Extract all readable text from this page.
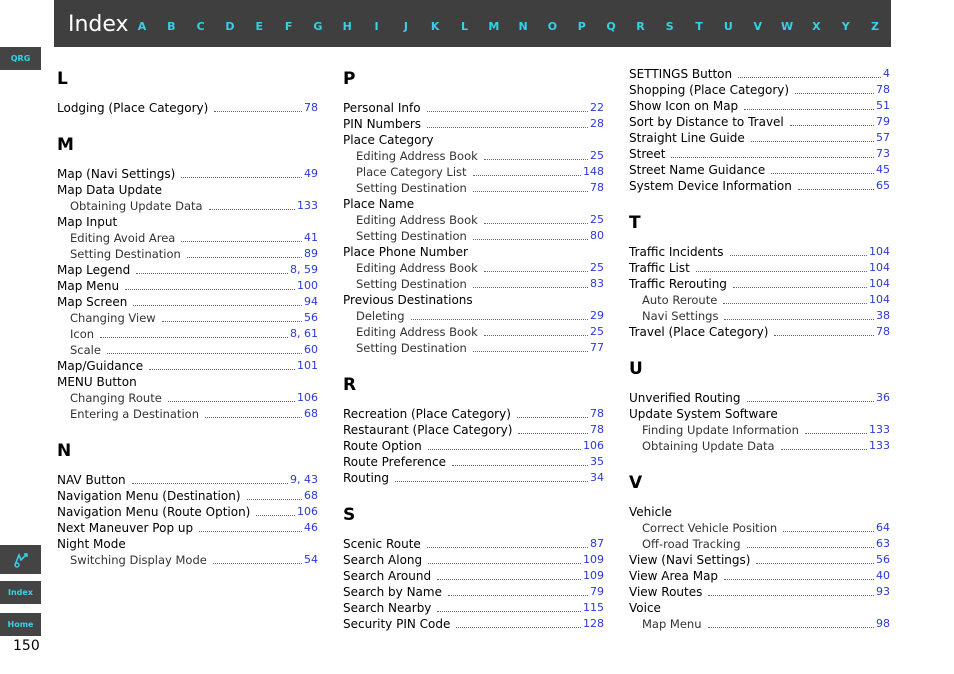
Index A B C D E F G H I J K L M N O P Q R S T U V W X Y Z
QRG
Index
Home
150
L
Lodging (Place Category)	78
M
Map (Navi Settings)	49
Map Data Update
Obtaining Update Data	133
Map Input
Editing Avoid Area	41
Setting Destination	89
Map Legend	8, 59
Map Menu	100
Map Screen	94
Changing View	56
Icon	8, 61
Scale	60
Map/Guidance	101
MENU Button
Changing Route	106
Entering a Destination	68
N
NAV Button	9, 43
Navigation Menu (Destination)	68
Navigation Menu (Route Option)	106
Next Maneuver Pop up	46
Night Mode
Switching Display Mode	54
P
Personal Info	22
PIN Numbers	28
Place Category
Editing Address Book	25
Place Category List	148
Setting Destination	78
Place Name
Editing Address Book	25
Setting Destination	80
Place Phone Number
Editing Address Book	25
Setting Destination	83
Previous Destinations
Deleting	29
Editing Address Book	25
Setting Destination	77
R
Recreation (Place Category)	78
Restaurant (Place Category)	78
Route Option	106
Route Preference	35
Routing	34
S
Scenic Route	87
Search Along	109
Search Around	109
Search by Name	79
Search Nearby	115
Security PIN Code	128
SETTINGS Button	4
Shopping (Place Category)	78
Show Icon on Map	51
Sort by Distance to Travel	79
Straight Line Guide	57
Street	73
Street Name Guidance	45
System Device Information	65
T
Traffic Incidents	104
Traffic List	104
Traffic Rerouting	104
Auto Reroute	104
Navi Settings	38
Travel (Place Category)	78
U
Unverified Routing	36
Update System Software
Finding Update Information	133
Obtaining Update Data	133
V
Vehicle
Correct Vehicle Position	64
Off-road Tracking	63
View (Navi Settings)	56
View Area Map	40
View Routes	93
Voice
Map Menu	98
